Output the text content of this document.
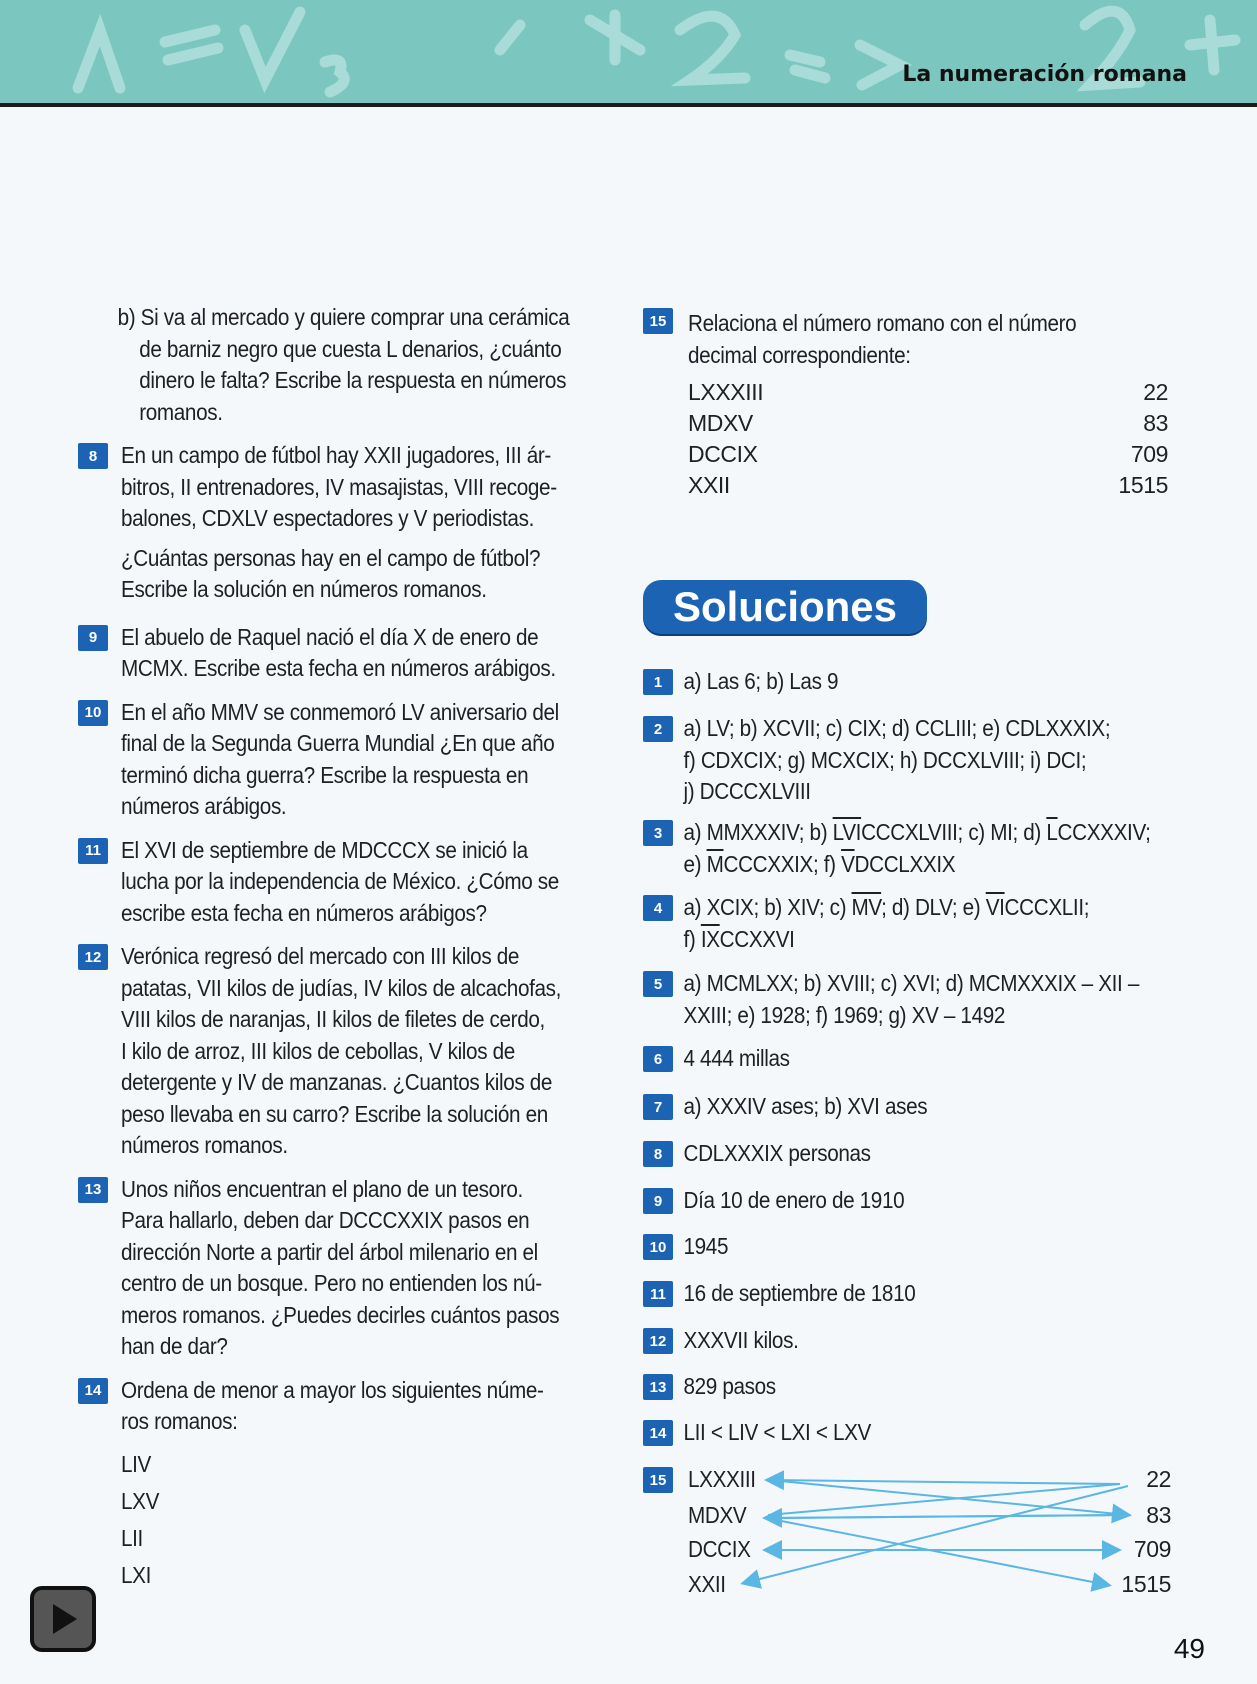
La numeración romana
b) Si va al mercado y quiere comprar una cerámica
de barniz negro que cuesta L denarios, ¿cuánto
dinero le falta? Escribe la respuesta en números
romanos.
8	En un campo de fútbol hay XXII jugadores, III ár-
bitros, II entrenadores, IV masajistas, VIII recoge-
balones, CDXLV espectadores y V periodistas.
¿Cuántas personas hay en el campo de fútbol?
Escribe la solución en números romanos.
9	El abuelo de Raquel nació el día X de enero de
MCMX. Escribe esta fecha en números arábigos.
10 En el año MMV se conmemoró LV aniversario del
final de la Segunda Guerra Mundial ¿En que año
terminó dicha guerra? Escribe la respuesta en
números arábigos.
11 El XVI de septiembre de MDCCCX se inició la
lucha por la independencia de México. ¿Cómo se
escribe esta fecha en números arábigos?
12 Verónica regresó del mercado con III kilos de
patatas, VII kilos de judías, IV kilos de alcachofas,
VIII kilos de naranjas, II kilos de filetes de cerdo,
I kilo de arroz, III kilos de cebollas, V kilos de
detergente y IV de manzanas. ¿Cuantos kilos de
peso llevaba en su carro? Escribe la solución en
números romanos.
13 Unos niños encuentran el plano de un tesoro.
Para hallarlo, deben dar DCCCXXIX pasos en
dirección Norte a partir del árbol milenario en el
centro de un bosque. Pero no entienden los nú-
meros romanos. ¿Puedes decirles cuántos pasos
han de dar?
14 Ordena de menor a mayor los siguientes núme-
ros romanos:
LIV
LXV
LII
LXI
15 Relaciona el número romano con el número
decimal correspondiente:
LXXXIII	22
MDXV	83
DCCIX	709
XXII	1515
Soluciones
1 a) Las 6; b) Las 9
2 a) LV; b) XCVII; c) CIX; d) CCLIII; e) CDLXXXIX;
f) CDXCIX; g) MCXCIX; h) DCCXLVIII; i) DCI;
j) DCCCXLVIII
3 a) MMXXXIV; b) $\overline{LVI}CCCXLVIII$; c) MI; d) $\overline{L}CCXXXIV$;
e) $\overline{M}CCCXXIX$; f) $\overline{V}DCCLXXIX$
4 a) XCIX; b) XIV; c) $\overline{MV}$; d) DLV; e) $\overline{VI}CCCXLII$;
f) $\overline{IX}CCXXVI$
5 a) MCMLXX; b) XVIII; c) XVI; d) MCMXXXIX – XII –
XXIII; e) 1928; f) 1969; g) XV – 1492
6 4 444 millas
7 a) XXXIV ases; b) XVI ases
8 CDLXXXIX personas
9 Día 10 de enero de 1910
10 1945
11 16 de septiembre de 1810
12 XXXVII kilos.
13 829 pasos
14 LII < LIV < LXI < LXV
15 LXXXIII
MDXV
DCCIX
XXII
22
83
709
1515
49
